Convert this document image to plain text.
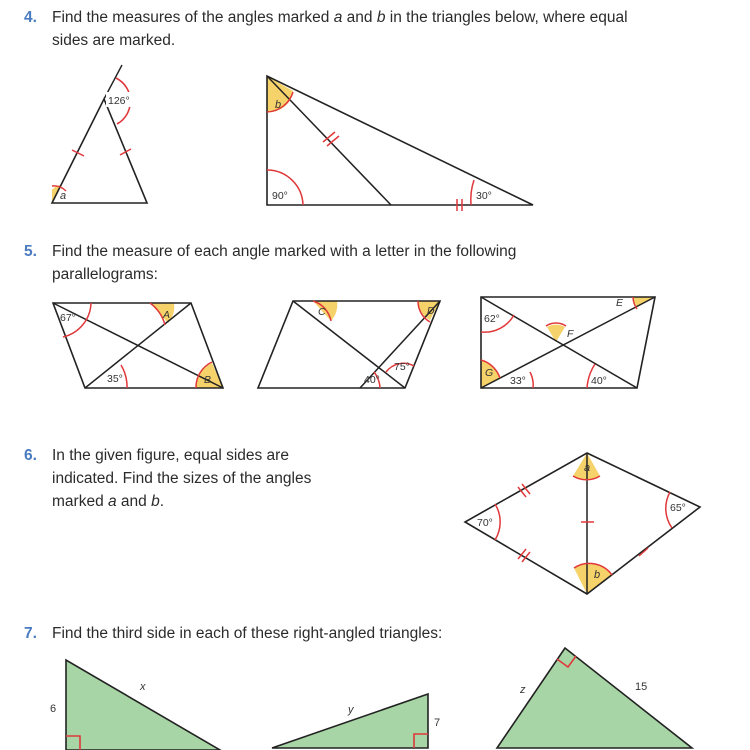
4. Find the measures of the angles marked a and b in the triangles below, where equal
sides are marked.
5. Find the measure of each angle marked with a letter in the following
parallelograms:
6. In the given figure, equal sides are
indicated. Find the sizes of the angles
marked a and b.
7. Find the third side in each of these right-angled triangles:
126°
a
b
90°	30°
67°	A
35°	B
C	D
75°
40°
62°
E
F
G
33°	40°
a
b
70°
65°
6
x
y
7
z	15
